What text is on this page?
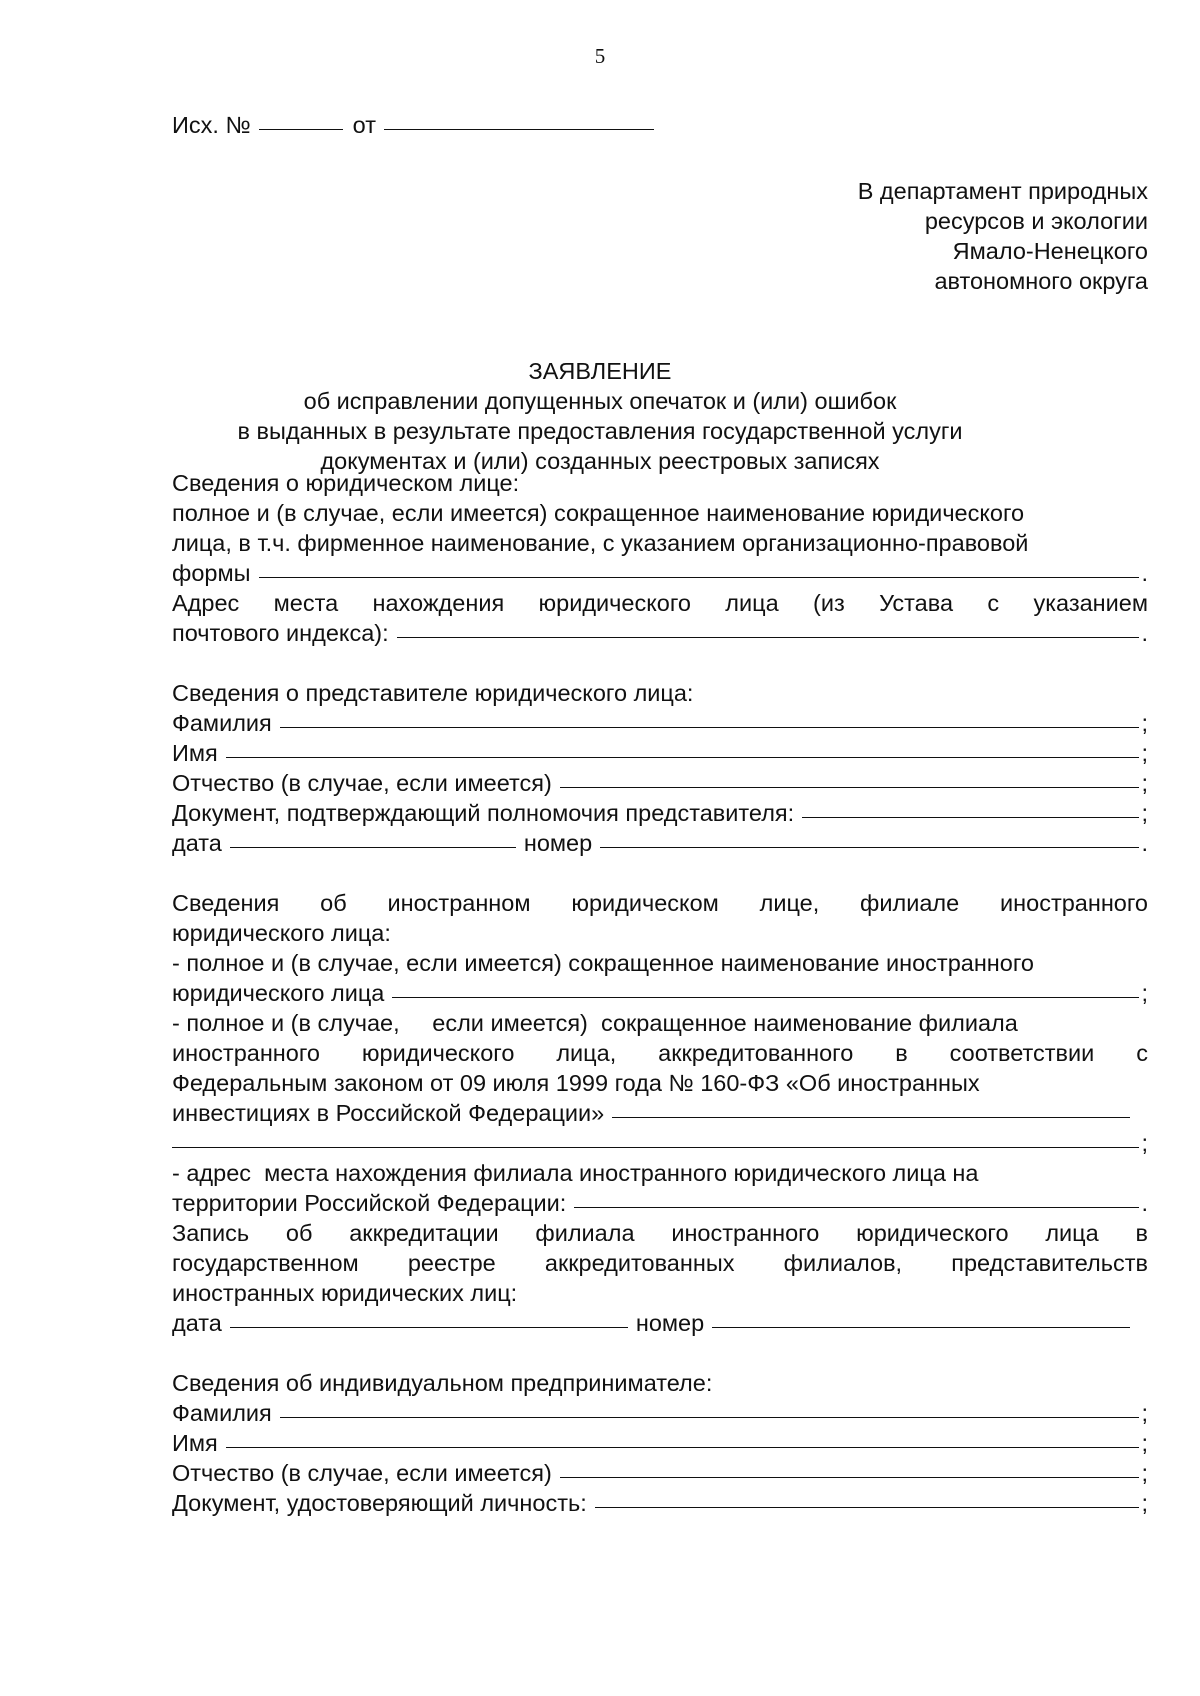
5
Исх. №	от
В департамент природных
ресурсов и экологии
Ямало-Ненецкого
автономного округа
ЗАЯВЛЕНИЕ
об исправлении допущенных опечаток и (или) ошибок
в выданных в результате предоставления государственной услуги
документах и (или) созданных реестровых записях
Сведения о юридическом лице:
полное и (в случае, если имеется) сокращенное наименование юридического
лица, в т.ч. фирменное наименование, с указанием организационно-правовой
формы	.
Адрес места нахождения юридического лица (из Устава с указанием
почтового индекса):	.
Сведения о представителе юридического лица:
Фамилия	;
Имя	;
Отчество (в случае, если имеется)	;
Документ, подтверждающий полномочия представителя:	;
дата	номер	.
Сведения об иностранном юридическом лице, филиале иностранного
юридического лица:
- полное и (в случае, если имеется) сокращенное наименование иностранного
юридического лица	;
- полное и (в случае,     если имеется)  сокращенное наименование филиала
иностранного юридического лица, аккредитованного в соответствии с
Федеральным законом от 09 июля 1999 года № 160-ФЗ «Об иностранных
инвестициях в Российской Федерации»
;
- адрес  места нахождения филиала иностранного юридического лица на
территории Российской Федерации:	.
Запись об аккредитации филиала иностранного юридического лица в
государственном реестре аккредитованных филиалов, представительств
иностранных юридических лиц:
дата	номер
Сведения об индивидуальном предпринимателе:
Фамилия	;
Имя	;
Отчество (в случае, если имеется)	;
Документ, удостоверяющий личность:	;
